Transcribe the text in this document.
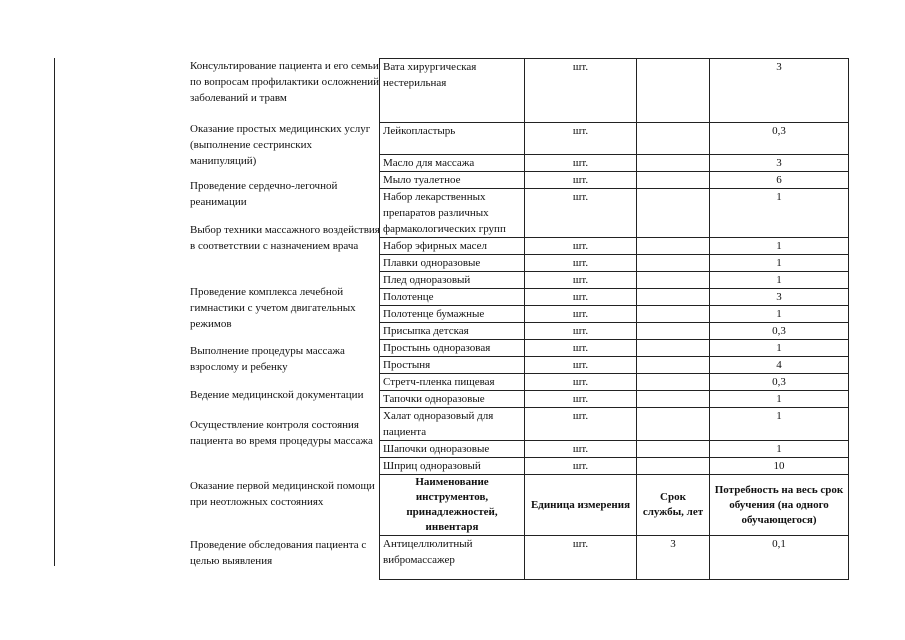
Консультирование пациента и его семьи по вопросам профилактики осложнений заболеваний и травм
Оказание простых медицинских услуг (выполнение сестринских манипуляций)
Проведение сердечно-легочной реанимации
Выбор техники массажного воздействия в соответствии с назначением врача
Проведение комплекса лечебной гимнастики с учетом двигательных режимов
Выполнение процедуры массажа взрослому и ребенку
Ведение медицинской документации
Осуществление контроля состояния пациента во время процедуры массажа
Оказание первой медицинской помощи при неотложных состояниях
Проведение обследования пациента с целью выявления
Вата хирургическая нестерильная	шт.		3
Лейкопластырь	шт.		0,3
Масло для массажа	шт.		3
Мыло туалетное	шт.		6
Набор лекарственных препаратов различных фармакологических групп	шт.		1
Набор эфирных масел	шт.		1
Плавки одноразовые	шт.		1
Плед одноразовый	шт.		1
Полотенце	шт.		3
Полотенце бумажные	шт.		1
Присыпка детская	шт.		0,3
Простынь одноразовая	шт.		1
Простыня	шт.		4
Стретч-пленка пищевая	шт.		0,3
Тапочки одноразовые	шт.		1
Халат одноразовый для пациента	шт.		1
Шапочки одноразовые	шт.		1
Шприц одноразовый	шт.		10
Наименование инструментов, принадлежностей, инвентаря	Единица измерения	Срок службы, лет	Потребность на весь срок обучения (на одного обучающегося)
Антицеллюлитный вибромассажер	шт.	3	0,1
